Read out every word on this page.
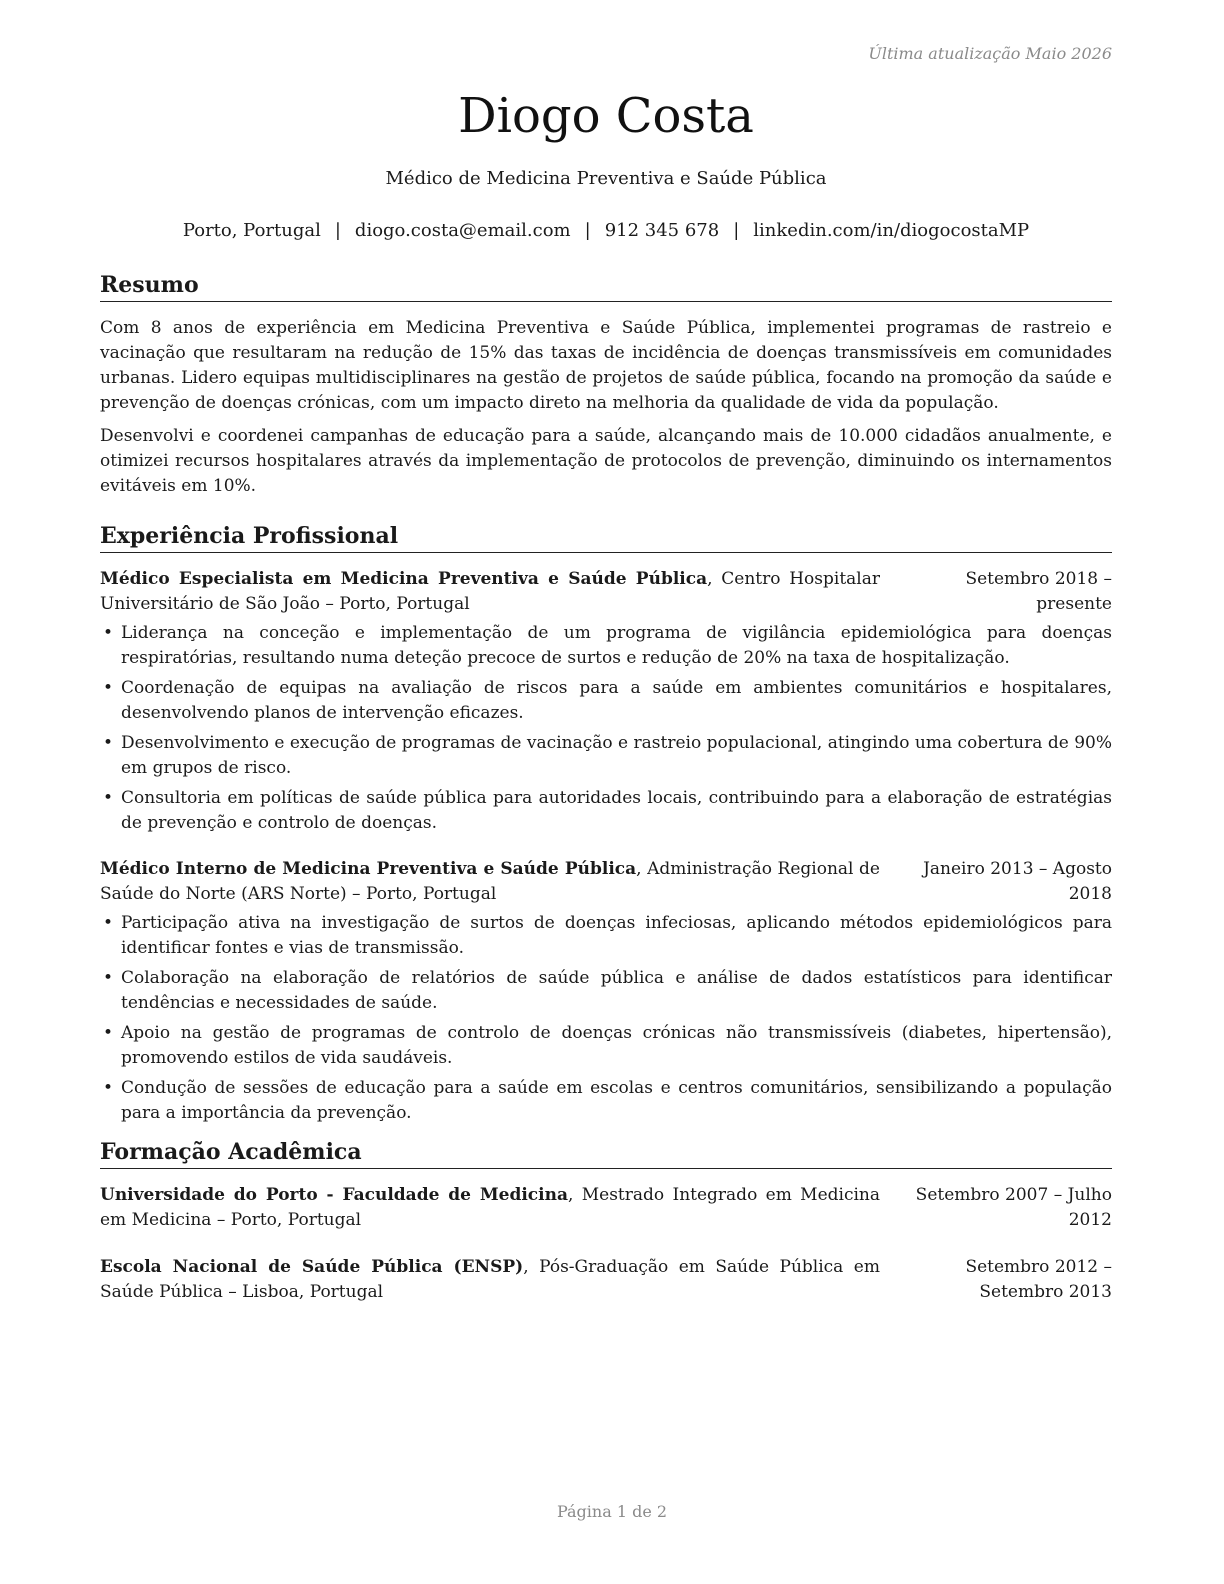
Última atualização Maio 2026
Diogo Costa
Médico de Medicina Preventiva e Saúde Pública
Porto, Portugal | diogo.costa@email.com | 912 345 678 | linkedin.com/in/diogocostaMP
Resumo

Com 8 anos de experiência em Medicina Preventiva e Saúde Pública, implementei programas de rastreio e vacinação que resultaram na redução de 15% das taxas de incidência de doenças transmissíveis em comunidades urbanas. Lidero equipas multidisciplinares na gestão de projetos de saúde pública, focando na promoção da saúde e prevenção de doenças crónicas, com um impacto direto na melhoria da qualidade de vida da população.

Desenvolvi e coordenei campanhas de educação para a saúde, alcançando mais de 10.000 cidadãos anualmente, e otimizei recursos hospitalares através da implementação de protocolos de prevenção, diminuindo os internamentos evitáveis em 10%.

Experiência Profissional
Médico Especialista em Medicina Preventiva e Saúde Pública, Centro Hospitalar Universitário de São João – Porto, Portugal
Setembro 2018 – presente
• Liderança na conceção e implementação de um programa de vigilância epidemiológica para doenças respiratórias, resultando numa deteção precoce de surtos e redução de 20% na taxa de hospitalização.
• Coordenação de equipas na avaliação de riscos para a saúde em ambientes comunitários e hospitalares, desenvolvendo planos de intervenção eficazes.
• Desenvolvimento e execução de programas de vacinação e rastreio populacional, atingindo uma cobertura de 90% em grupos de risco.
• Consultoria em políticas de saúde pública para autoridades locais, contribuindo para a elaboração de estratégias de prevenção e controlo de doenças.
Médico Interno de Medicina Preventiva e Saúde Pública, Administração Regional de Saúde do Norte (ARS Norte) – Porto, Portugal
Janeiro 2013 – Agosto 2018
• Participação ativa na investigação de surtos de doenças infeciosas, aplicando métodos epidemiológicos para identificar fontes e vias de transmissão.
• Colaboração na elaboração de relatórios de saúde pública e análise de dados estatísticos para identificar tendências e necessidades de saúde.
• Apoio na gestão de programas de controlo de doenças crónicas não transmissíveis (diabetes, hipertensão), promovendo estilos de vida saudáveis.
• Condução de sessões de educação para a saúde em escolas e centros comunitários, sensibilizando a população para a importância da prevenção.
Formação Acadêmica
Universidade do Porto - Faculdade de Medicina, Mestrado Integrado em Medicina em Medicina – Porto, Portugal
Setembro 2007 – Julho 2012
Escola Nacional de Saúde Pública (ENSP), Pós-Graduação em Saúde Pública em Saúde Pública – Lisboa, Portugal
Setembro 2012 – Setembro 2013
Página 1 de 2
